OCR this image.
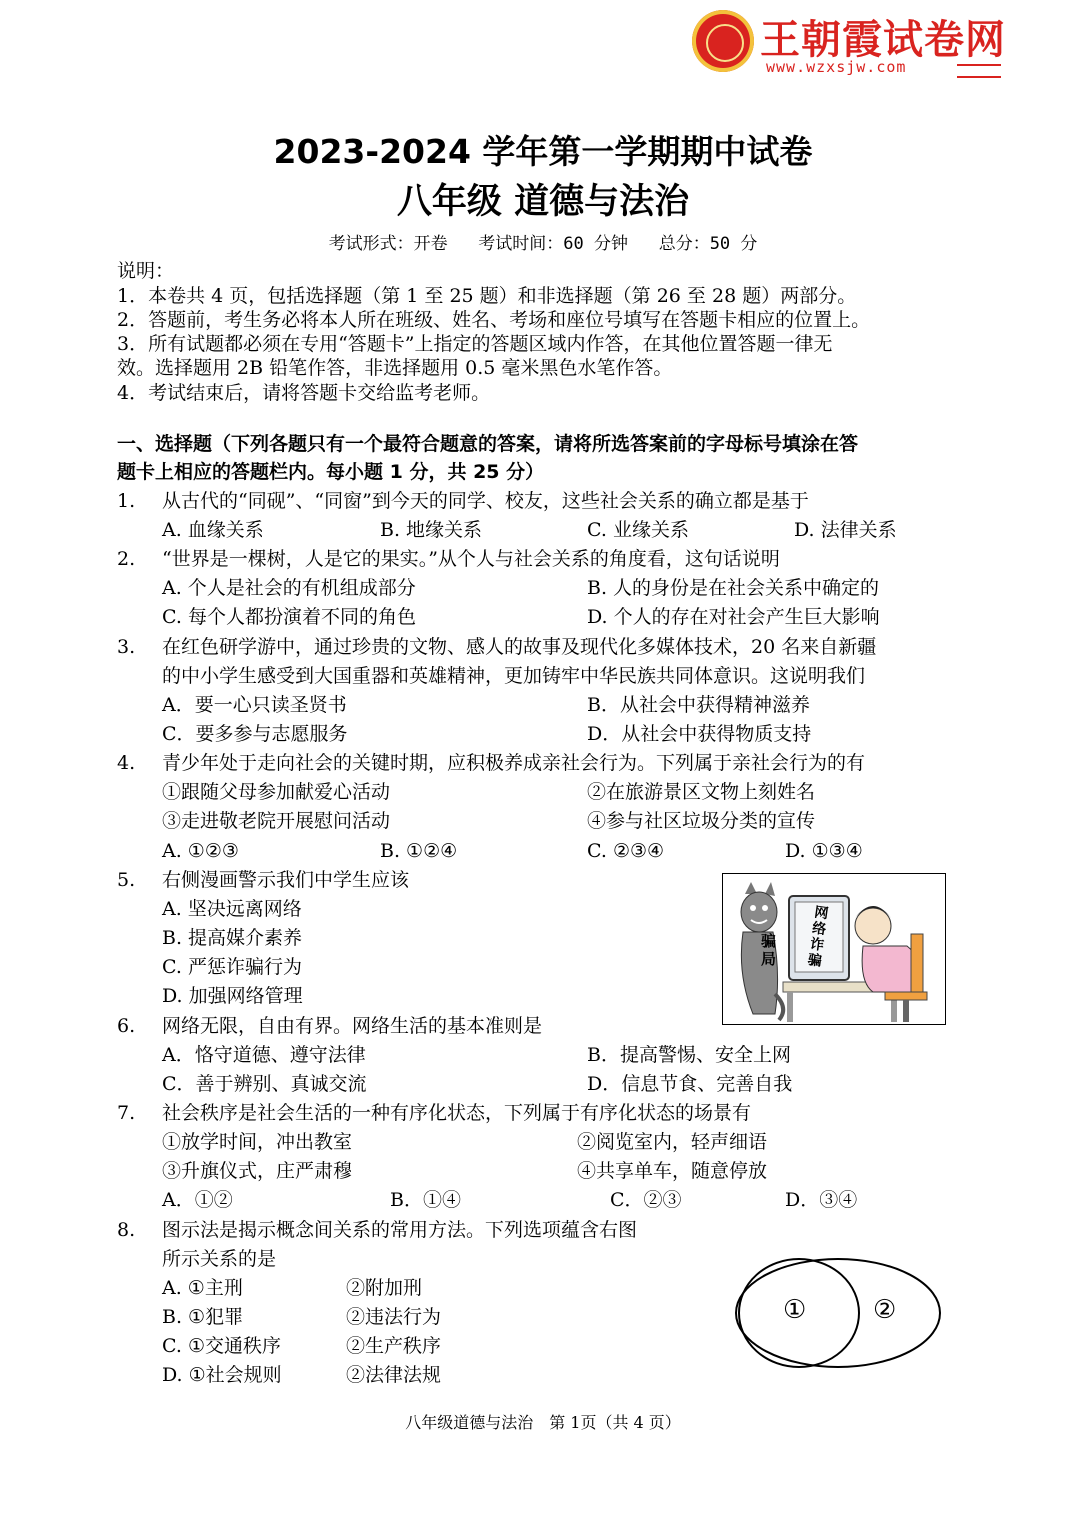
王朝霞试卷网
www.wzxsjw.com
2023-2024 学年第一学期期中试卷
八年级 道德与法治
考试形式：开卷   考试时间：60 分钟   总分：50 分
说明：
1．本卷共 4 页，包括选择题（第 1 至 25 题）和非选择题（第 26 至 28 题）两部分。
2．答题前，考生务必将本人所在班级、姓名、考场和座位号填写在答题卡相应的位置上。
3．所有试题都必须在专用“答题卡”上指定的答题区域内作答，在其他位置答题一律无
效。选择题用 2B 铅笔作答，非选择题用 0.5 毫米黑色水笔作答。
4．考试结束后，请将答题卡交给监考老师。
一、选择题（下列各题只有一个最符合题意的答案，请将所选答案前的字母标号填涂在答
题卡上相应的答题栏内。每小题 1 分，共 25 分）
1. 从古代的“同砚”、“同窗”到今天的同学、校友，这些社会关系的确立都是基于
A. 血缘关系	B. 地缘关系	C. 业缘关系	D. 法律关系
2. “世界是一棵树，人是它的果实。”从个人与社会关系的角度看，这句话说明
A. 个人是社会的有机组成部分	B. 人的身份是在社会关系中确定的
C. 每个人都扮演着不同的角色	D. 个人的存在对社会产生巨大影响
3. 在红色研学游中，通过珍贵的文物、感人的故事及现代化多媒体技术，20 名来自新疆
的中小学生感受到大国重器和英雄精神，更加铸牢中华民族共同体意识。这说明我们
A．要一心只读圣贤书	B．从社会中获得精神滋养
C．要多参与志愿服务	D．从社会中获得物质支持
4. 青少年处于走向社会的关键时期，应积极养成亲社会行为。下列属于亲社会行为的有
①跟随父母参加献爱心活动	②在旅游景区文物上刻姓名
③走进敬老院开展慰问活动	④参与社区垃圾分类的宣传
A. ①②③	B. ①②④	C. ②③④	D. ①③④
5. 右侧漫画警示我们中学生应该
A. 坚决远离网络
B. 提高媒介素养
C. 严惩诈骗行为
D. 加强网络管理
网络诈骗
骗局
6. 网络无限，自由有界。网络生活的基本准则是
A．恪守道德、遵守法律	B．提高警惕、安全上网
C．善于辨别、真诚交流	D．信息节食、完善自我
7. 社会秩序是社会生活的一种有序化状态，下列属于有序化状态的场景有
①放学时间，冲出教室	②阅览室内，轻声细语
③升旗仪式，庄严肃穆	④共享单车，随意停放
A．①②	B．①④	C．②③	D．③④
8. 图示法是揭示概念间关系的常用方法。下列选项蕴含右图
所示关系的是
A. ①主刑	②附加刑
B. ①犯罪	②违法行为
C. ①交通秩序	②生产秩序
D. ①社会规则	②法律法规
①	②
八年级道德与法治　第 1页（共 4 页）
